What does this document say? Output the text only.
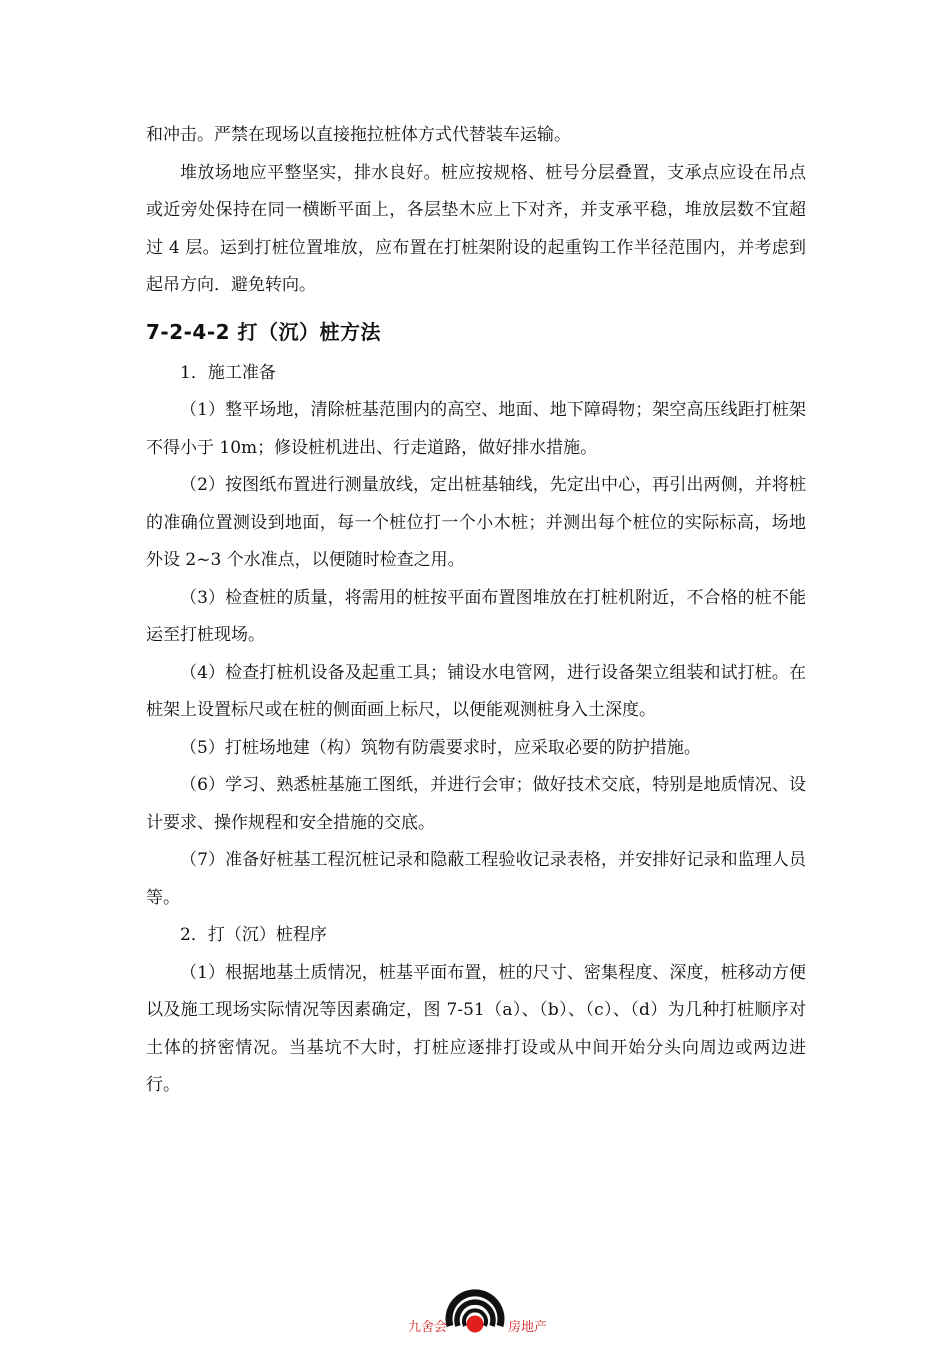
和冲击。严禁在现场以直接拖拉桩体方式代替装车运输。

堆放场地应平整坚实，排水良好。桩应按规格、桩号分层叠置，支承点应设在吊点或近旁处保持在同一横断平面上，各层垫木应上下对齐，并支承平稳，堆放层数不宜超过 4 层。运到打桩位置堆放，应布置在打桩架附设的起重钩工作半径范围内，并考虑到起吊方向．避免转向。

7-2-4-2 打（沉）桩方法

1．施工准备

（1）整平场地，清除桩基范围内的高空、地面、地下障碍物；架空高压线距打桩架不得小于 10m；修设桩机进出、行走道路，做好排水措施。

（2）按图纸布置进行测量放线，定出桩基轴线，先定出中心，再引出两侧，并将桩的准确位置测设到地面，每一个桩位打一个小木桩；并测出每个桩位的实际标高，场地外设 2~3 个水准点，以便随时检查之用。

（3）检查桩的质量，将需用的桩按平面布置图堆放在打桩机附近，不合格的桩不能运至打桩现场。

（4）检查打桩机设备及起重工具；铺设水电管网，进行设备架立组装和试打桩。在桩架上设置标尺或在桩的侧面画上标尺，以便能观测桩身入土深度。

（5）打桩场地建（构）筑物有防震要求时，应采取必要的防护措施。

（6）学习、熟悉桩基施工图纸，并进行会审；做好技术交底，特别是地质情况、设计要求、操作规程和安全措施的交底。

（7）准备好桩基工程沉桩记录和隐蔽工程验收记录表格，并安排好记录和监理人员等。

2．打（沉）桩程序

（1）根据地基土质情况，桩基平面布置，桩的尺寸、密集程度、深度，桩移动方便以及施工现场实际情况等因素确定，图 7-51（a）、（b）、（c）、（d）为几种打桩顺序对土体的挤密情况。当基坑不大时，打桩应逐排打设或从中间开始分头向周边或两边进行。

九舍会	房地产
